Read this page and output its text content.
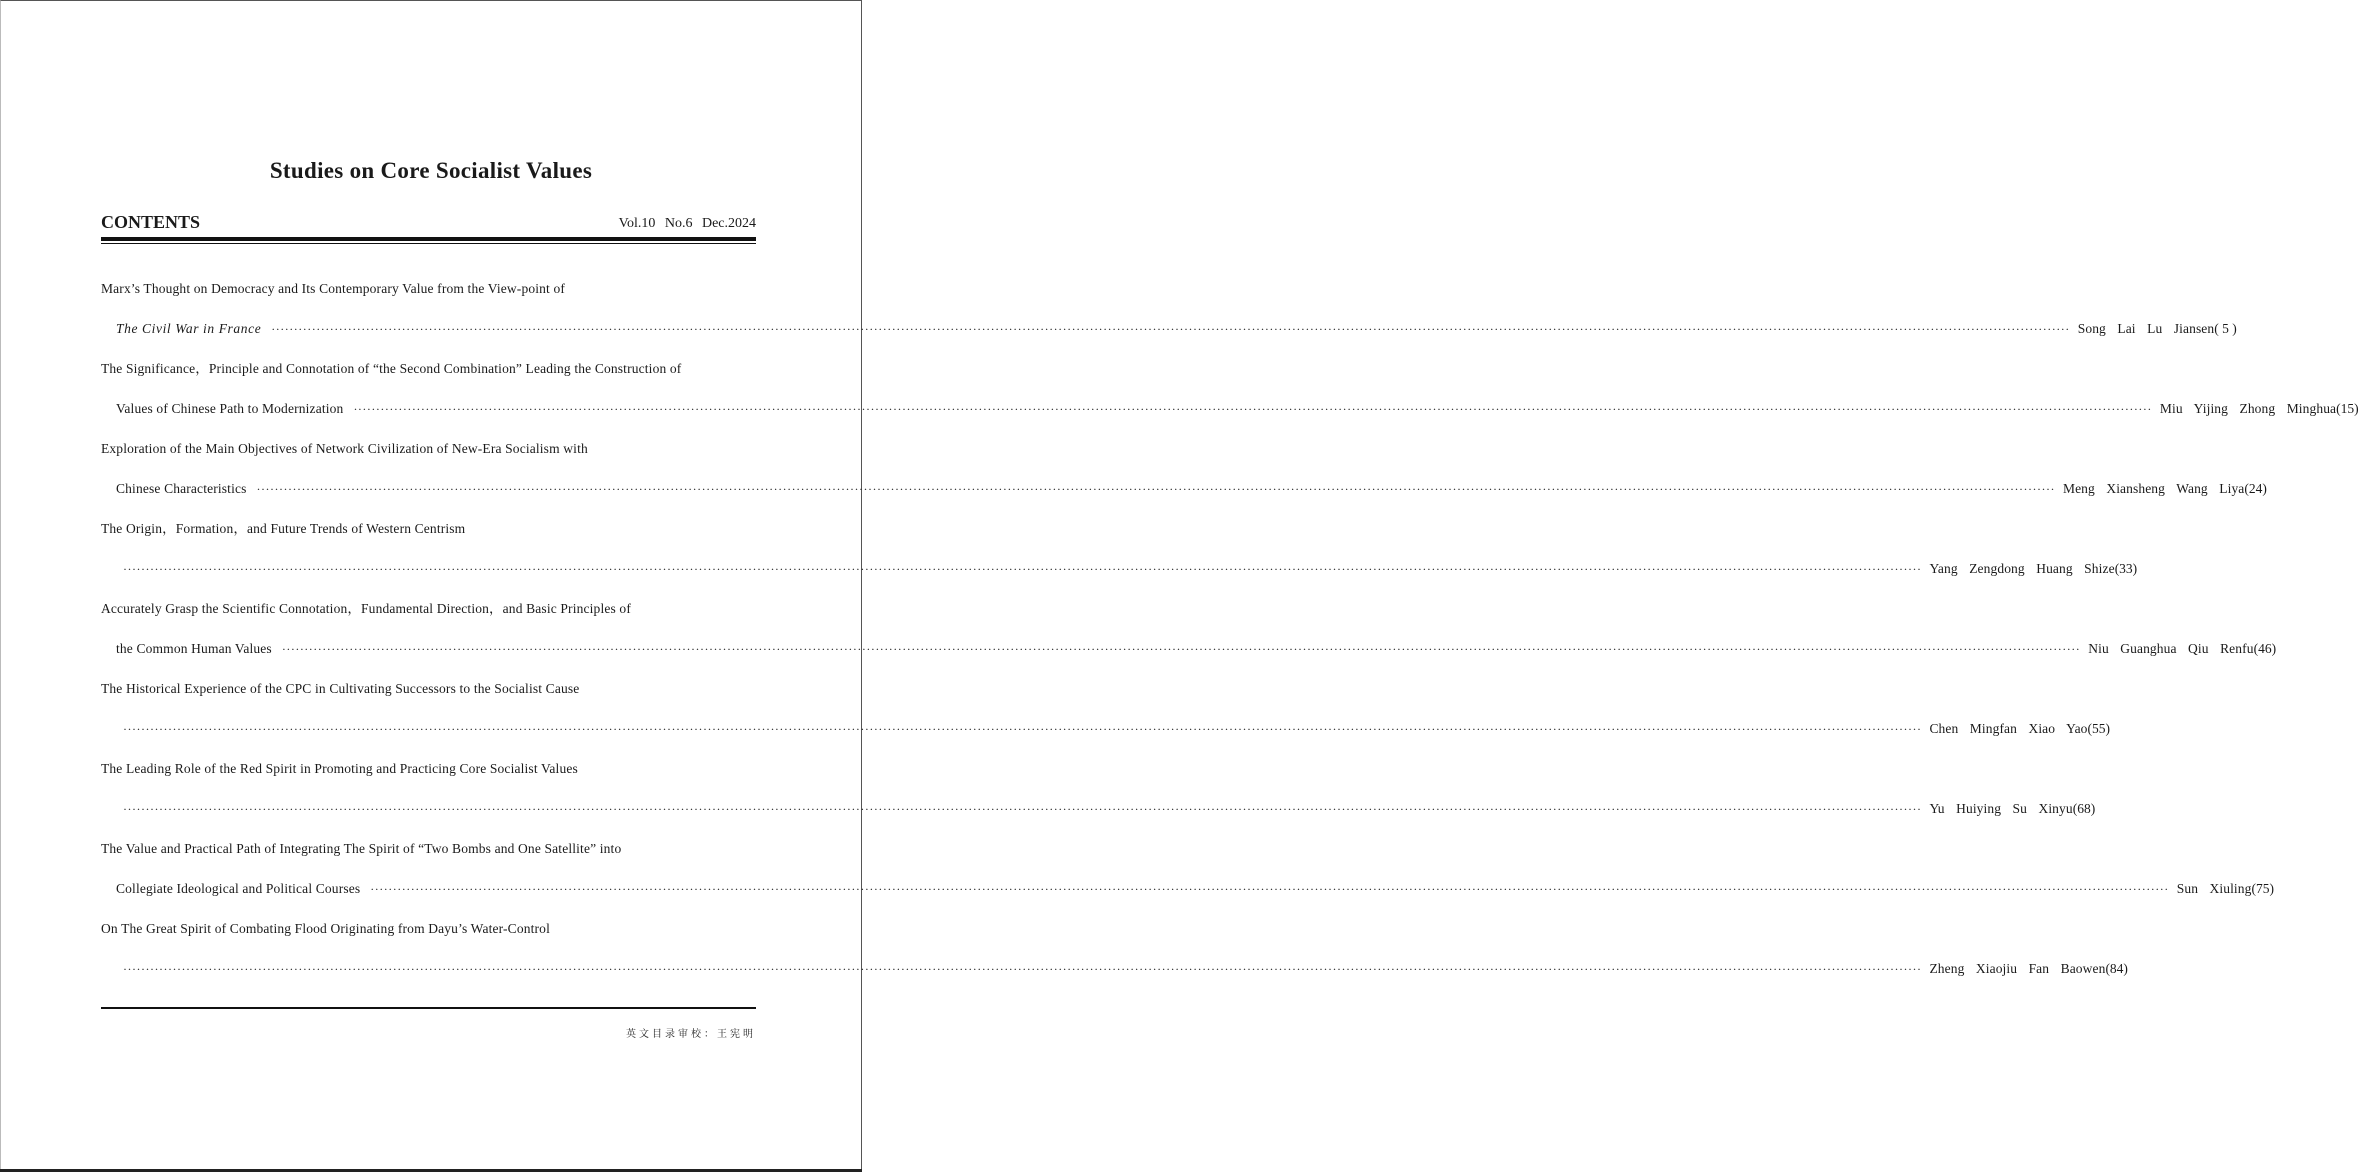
Studies on Core Socialist Values
CONTENTS	Vol.10 No.6 Dec.2024
Marx’s Thought on Democracy and Its Contemporary Value from the View-point of
The Civil War in France ················································································································································································································································································································································································································ Song Lai Lu Jiansen ( 5 )
The Significance，Principle and Connotation of “the Second Combination” Leading the Construction of
Values of Chinese Path to Modernization ················································································································································································································································································································································································································ Miu Yijing Zhong Minghua (15)
Exploration of the Main Objectives of Network Civilization of New-Era Socialism with
Chinese Characteristics ················································································································································································································································································································································································································ Meng Xiansheng Wang Liya (24)
The Origin，Formation，and Future Trends of Western Centrism
················································································································································································································································································································································································································ Yang Zengdong Huang Shize (33)
Accurately Grasp the Scientific Connotation，Fundamental Direction，and Basic Principles of
the Common Human Values ················································································································································································································································································································································································································ Niu Guanghua Qiu Renfu (46)
The Historical Experience of the CPC in Cultivating Successors to the Socialist Cause
················································································································································································································································································································································································································ Chen Mingfan Xiao Yao (55)
The Leading Role of the Red Spirit in Promoting and Practicing Core Socialist Values
················································································································································································································································································································································································································ Yu Huiying Su Xinyu (68)
The Value and Practical Path of Integrating The Spirit of “Two Bombs and One Satellite” into
Collegiate Ideological and Political Courses ················································································································································································································································································································································································································ Sun Xiuling (75)
On The Great Spirit of Combating Flood Originating from Dayu’s Water-Control
················································································································································································································································································································································································································ Zheng Xiaojiu Fan Baowen (84)
英文目录审校：王宪明
